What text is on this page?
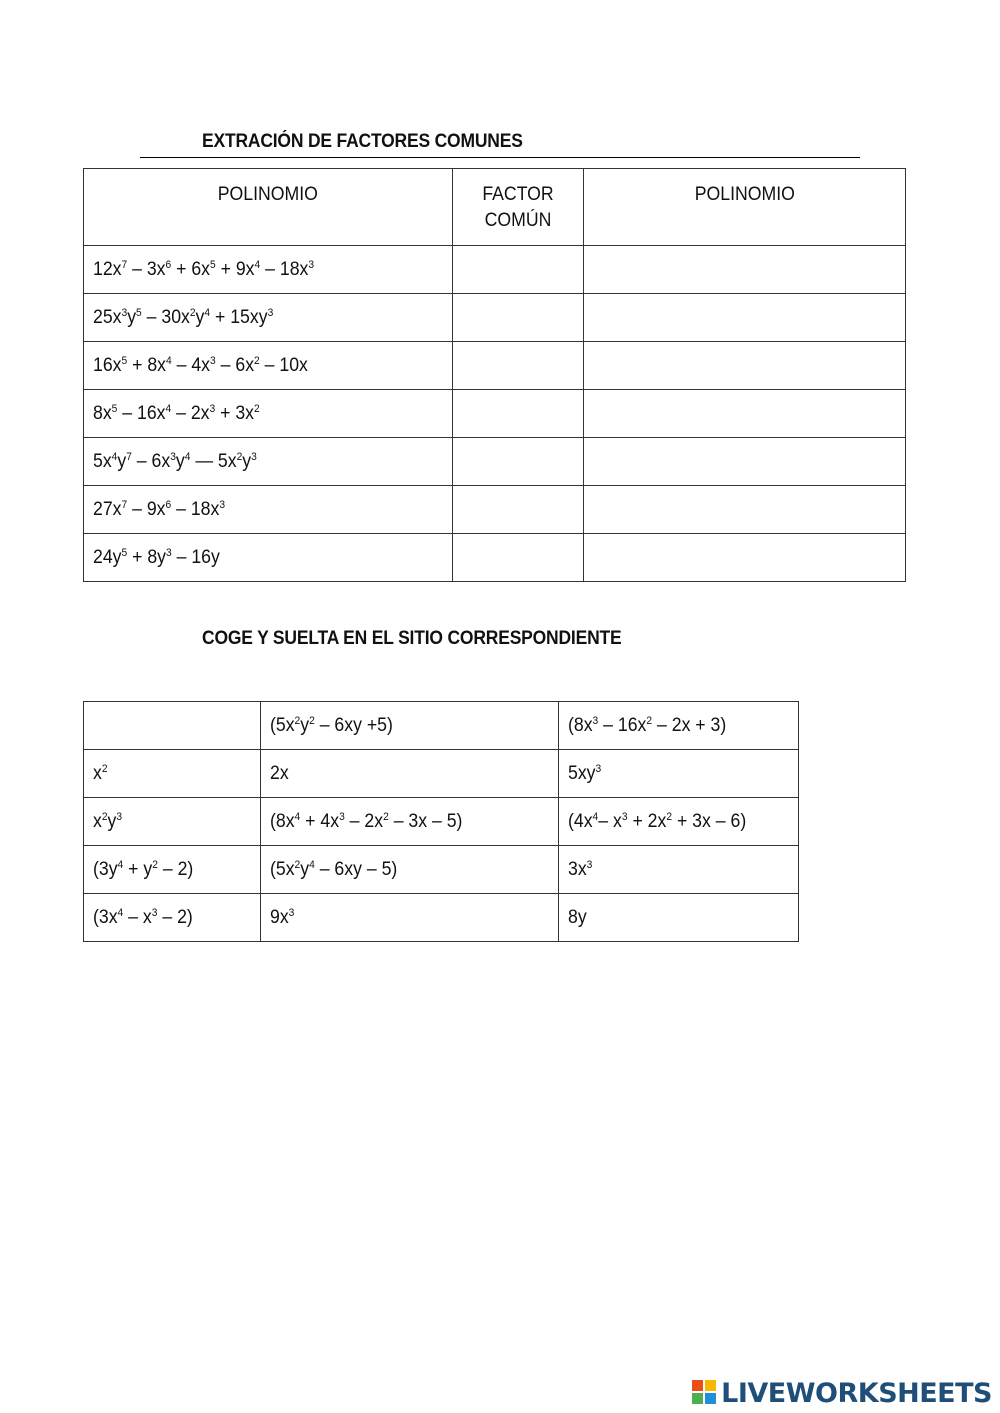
EXTRACIÓN DE FACTORES COMUNES
POLINOMIO	FACTOR COMÚN	POLINOMIO
$12x^7 - 3x^6 + 6x^5 + 9x^4 - 18x^3$		
$25x^3y^5 - 30x^2y^4 + 15xy^3$		
$16x^5 + 8x^4 - 4x^3 - 6x^2 - 10x$		
$8x^5 - 16x^4 - 2x^3 + 3x^2$		
$5x^4y^7 - 6x^3y^4$ — $5x^2y^3$		
$27x^7 - 9x^6 - 18x^3$		
$24y^5 + 8y^3 - 16y$		
COGE Y SUELTA EN EL SITIO CORRESPONDIENTE
	$(5x^2y^2 - 6xy +5)$	$(8x^3 - 16x^2 - 2x + 3)$
$x^2$	2x	$5xy^3$
$x^2y^3$	$(8x^4 + 4x^3 - 2x^2 - 3x - 5)$	($4x^4-$ $x^3 + 2x^2 + 3x - 6$)
$(3y^4 + y^2 - 2)$	$(5x^2y^4 - 6xy - 5)$	$3x^3$
$(3x^4 - x^3 - 2)$	$9x^3$	8y
LIVEWORKSHEETS
